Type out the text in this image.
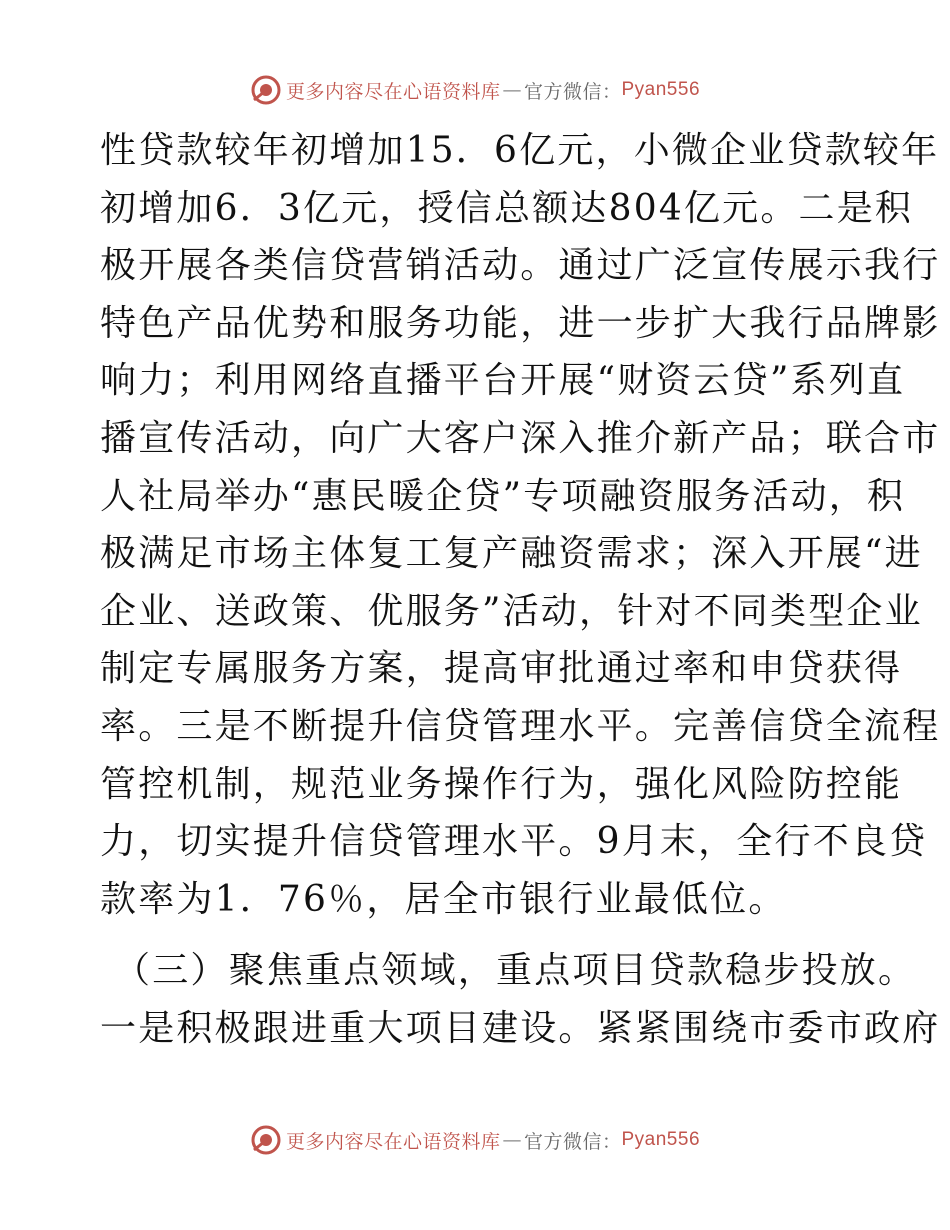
更多内容尽在心语资料库 — 官方微信： Pyan556
性贷款较年初增加15．6亿元，小微企业贷款较年
初增加6．3亿元，授信总额达804亿元。二是积
极开展各类信贷营销活动。通过广泛宣传展示我行
特色产品优势和服务功能，进一步扩大我行品牌影
响力；利用网络直播平台开展“财资云贷”系列直
播宣传活动，向广大客户深入推介新产品；联合市
人社局举办“惠民暖企贷”专项融资服务活动，积
极满足市场主体复工复产融资需求；深入开展“进
企业、送政策、优服务”活动，针对不同类型企业
制定专属服务方案，提高审批通过率和申贷获得
率。三是不断提升信贷管理水平。完善信贷全流程
管控机制，规范业务操作行为，强化风险防控能
力，切实提升信贷管理水平。9月末，全行不良贷
款率为1．76％，居全市银行业最低位。
（三）聚焦重点领域，重点项目贷款稳步投放。
一是积极跟进重大项目建设。紧紧围绕市委市政府
更多内容尽在心语资料库 — 官方微信： Pyan556
